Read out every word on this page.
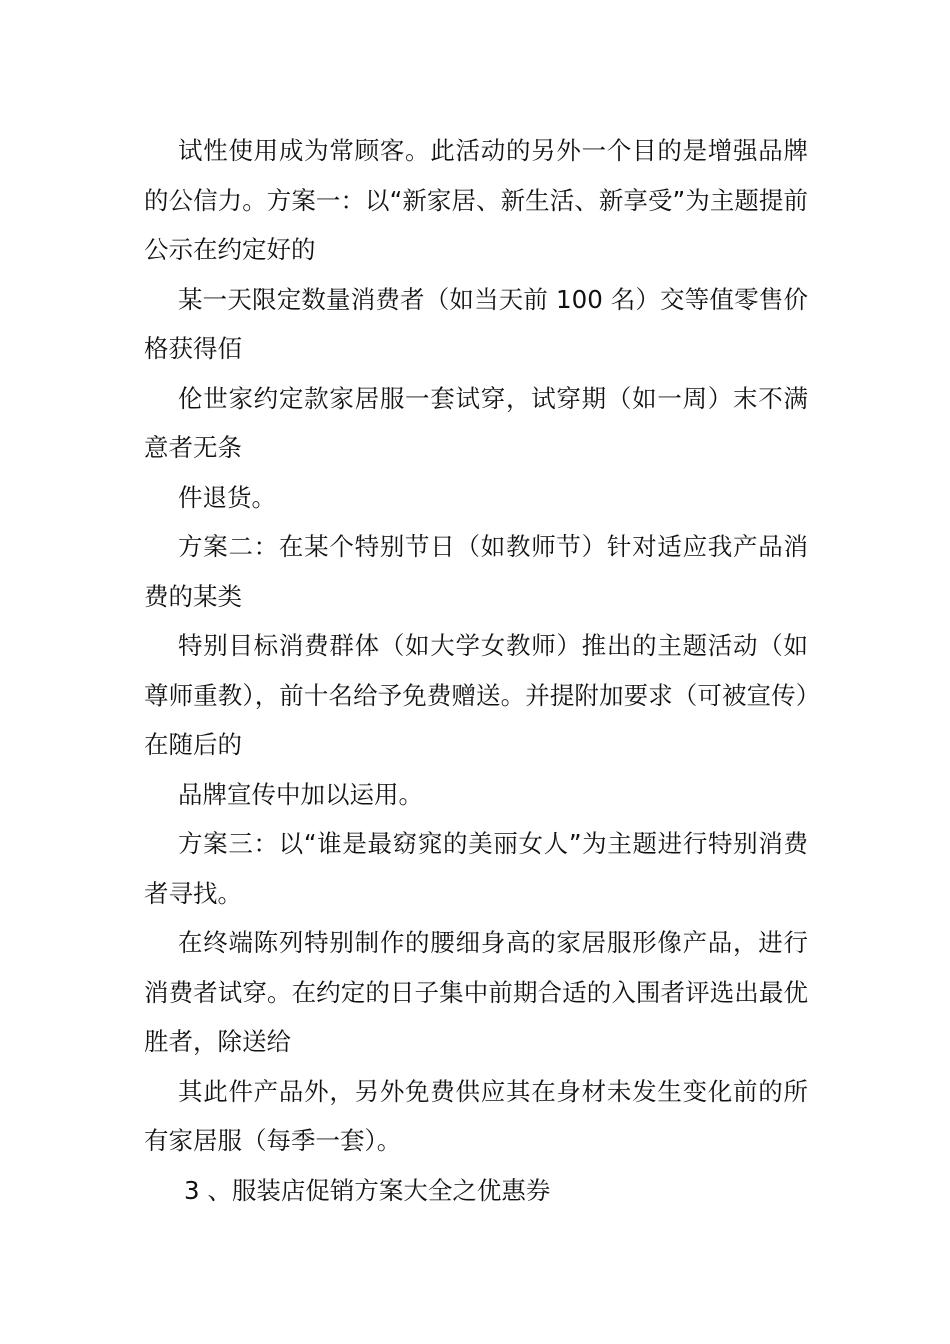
试性使用成为常顾客。此活动的另外一个目的是增强品牌的公信力。方案一：以“新家居、新生活、新享受”为主题提前公示在约定好的

某一天限定数量消费者（如当天前 100 名）交等值零售价格获得佰

伦世家约定款家居服一套试穿，试穿期（如一周）末不满意者无条

件退货。

方案二：在某个特别节日（如教师节）针对适应我产品消费的某类

特别目标消费群体（如大学女教师）推出的主题活动（如尊师重教），前十名给予免费赠送。并提附加要求（可被宣传）在随后的

品牌宣传中加以运用。

方案三：以“谁是最窈窕的美丽女人”为主题进行特别消费者寻找。

在终端陈列特别制作的腰细身高的家居服形像产品，进行消费者试穿。在约定的日子集中前期合适的入围者评选出最优胜者，除送给

其此件产品外，另外免费供应其在身材未发生变化前的所有家居服（每季一套）。

3 、服装店促销方案大全之优惠券
